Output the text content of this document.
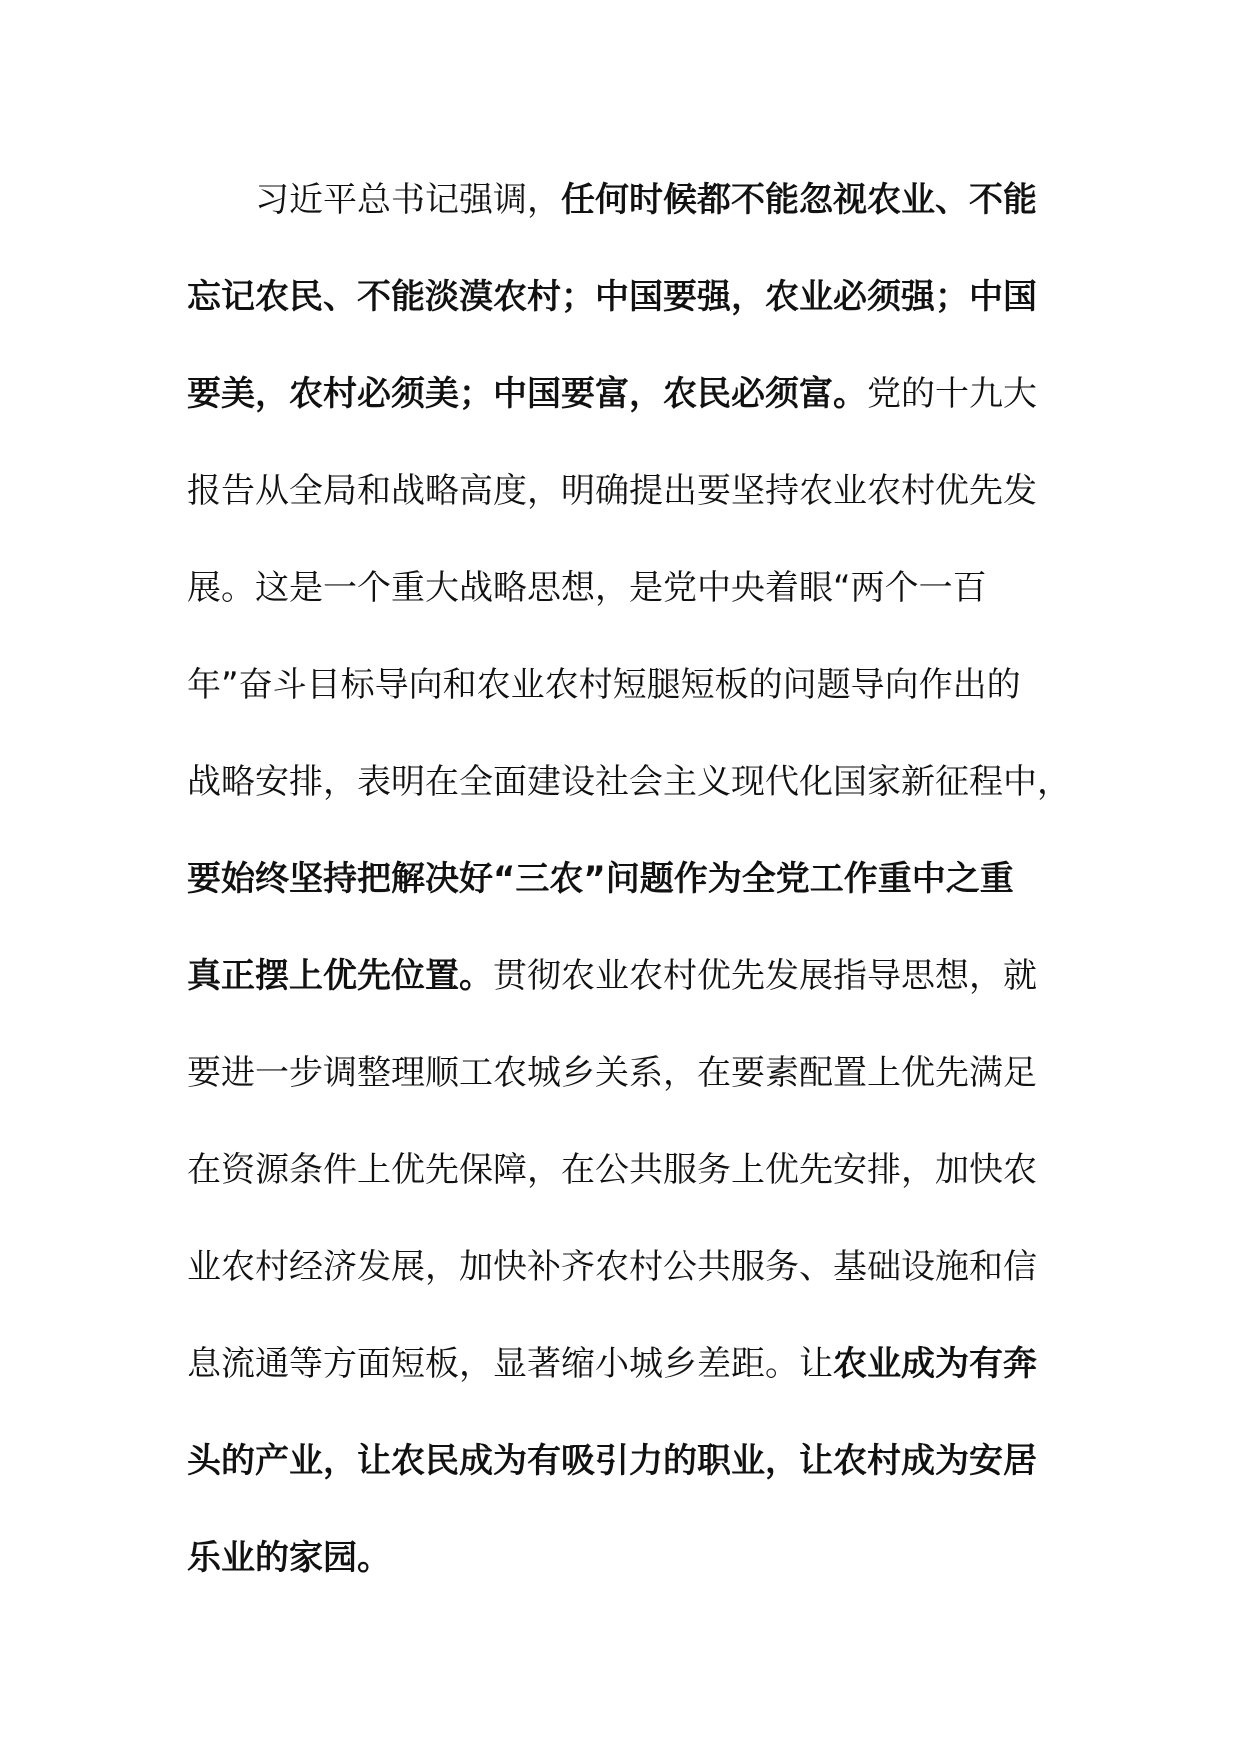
　　习近平总书记强调，任何时候都不能忽视农业、不能
忘记农民、不能淡漠农村；中国要强，农业必须强；中国
要美，农村必须美；中国要富，农民必须富。党的十九大
报告从全局和战略高度，明确提出要坚持农业农村优先发
展。这是一个重大战略思想，是党中央着眼“两个一百
年”奋斗目标导向和农业农村短腿短板的问题导向作出的
战略安排，表明在全面建设社会主义现代化国家新征程中，
要始终坚持把解决好“三农”问题作为全党工作重中之重
真正摆上优先位置。贯彻农业农村优先发展指导思想，就
要进一步调整理顺工农城乡关系，在要素配置上优先满足
在资源条件上优先保障，在公共服务上优先安排，加快农
业农村经济发展，加快补齐农村公共服务、基础设施和信
息流通等方面短板，显著缩小城乡差距。让农业成为有奔
头的产业，让农民成为有吸引力的职业，让农村成为安居
乐业的家园。
